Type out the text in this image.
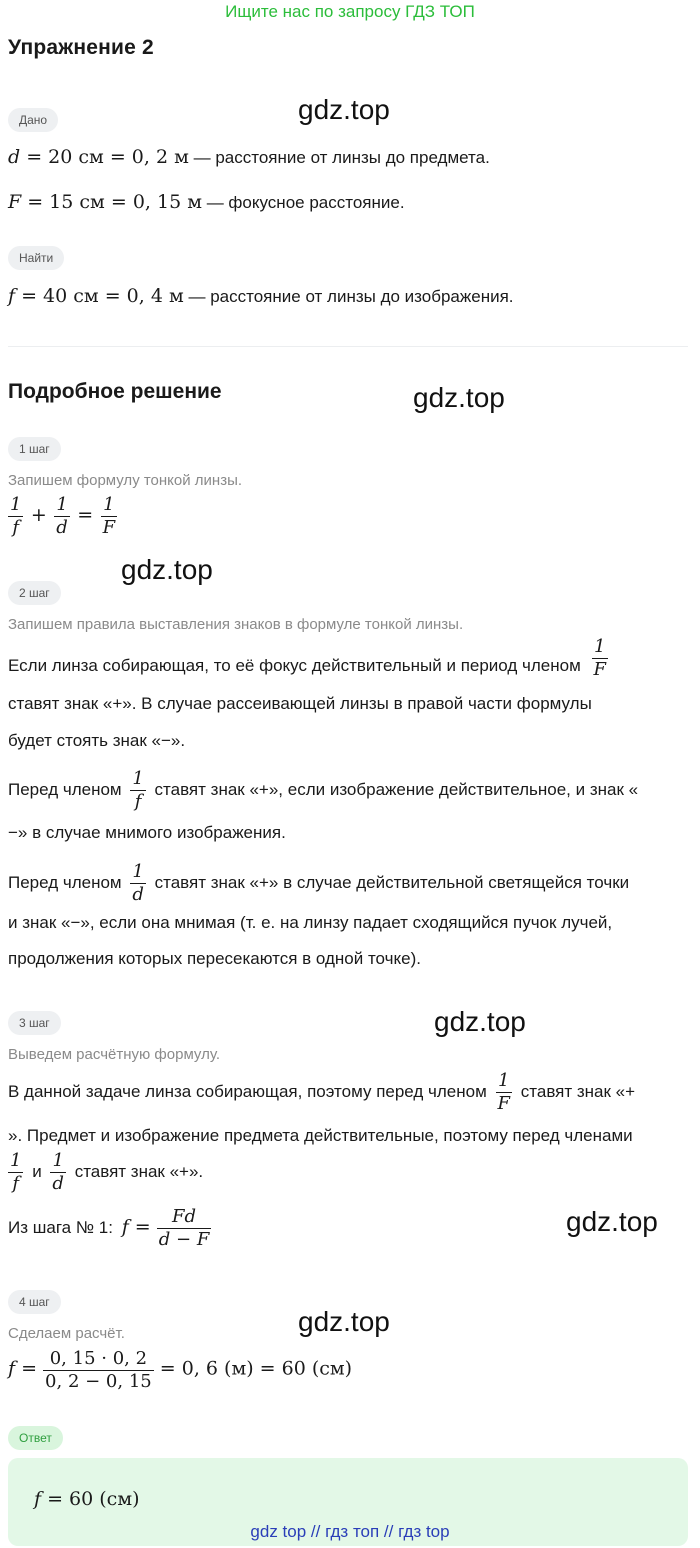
Ищите нас по запросу ГДЗ ТОП
Упражнение 2
Дано	gdz.top
d = 20 см = 0, 2 м — расстояние от линзы до предмета.
F = 15 см = 0, 15 м — фокусное расстояние.
Найти
f = 40 см = 0, 4 м — расстояние от линзы до изображения.
Подробное решение	gdz.top
1 шаг
Запишем формулу тонкой линзы.
$\frac{1}{f} + \frac{1}{d} = \frac{1}{F}$
gdz.top
2 шаг
Запишем правила выставления знаков в формуле тонкой линзы.
Если линза собирающая, то её фокус действительный и период членом $\frac{1}{F}$
ставят знак «+». В случае рассеивающей линзы в правой части формулы
будет стоять знак «−».
Перед членом $\frac{1}{f}$ ставят знак «+», если изображение действительное, и знак «
−» в случае мнимого изображения.
Перед членом $\frac{1}{d}$ ставят знак «+» в случае действительной светящейся точки
и знак «−», если она мнимая (т. е. на линзу падает сходящийся пучок лучей,
продолжения которых пересекаются в одной точке).
3 шаг	gdz.top
Выведем расчётную формулу.
В данной задаче линза собирающая, поэтому перед членом $\frac{1}{F}$ ставят знак «+
». Предмет и изображение предмета действительные, поэтому перед членами
$\frac{1}{f}$ и $\frac{1}{d}$ ставят знак «+».
Из шага № 1: $f = \frac{Fd}{d - F}$	gdz.top
4 шаг
gdz.top
Сделаем расчёт.
$f = \frac{0, 15 \cdot 0, 2}{0, 2 - 0, 15} = 0$, 6 (м) = 60 (см)
Ответ
f = 60 (см)
gdz top // гдз топ // гдз top
